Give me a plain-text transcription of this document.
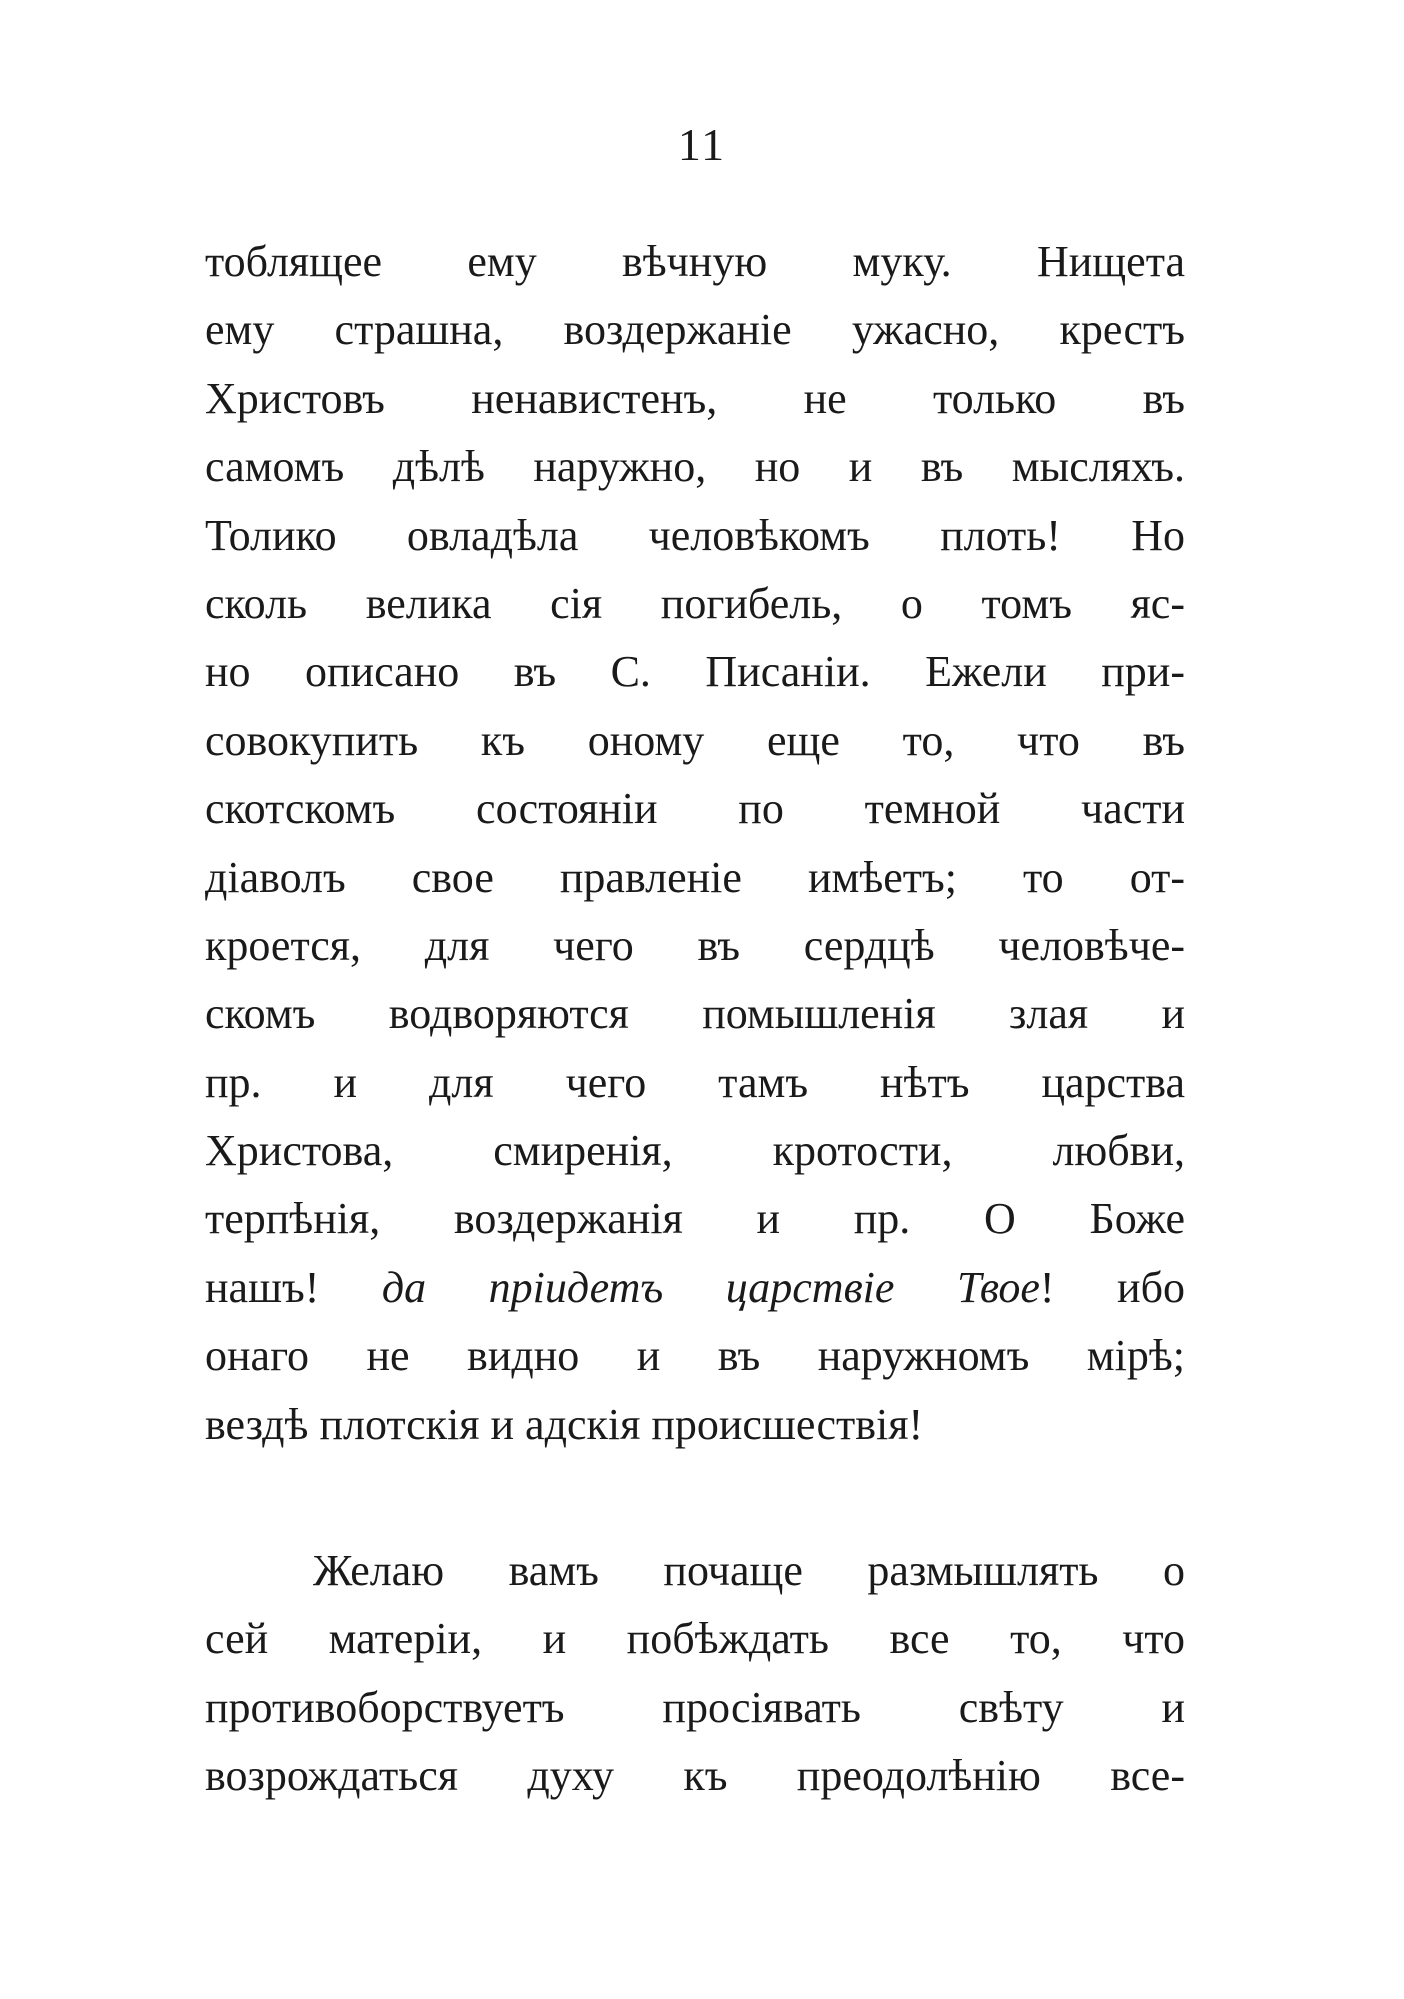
11
тоблящее ему вѣчную муку. Нищета
ему страшна, воздержаніе ужасно, крестъ
Христовъ ненавистенъ, не только въ
самомъ дѣлѣ наружно, но и въ мысляхъ.
Толико овладѣла человѣкомъ плоть! Но
сколь велика сія погибель, о томъ яс-
но описано въ С. Писаніи. Ежели при-
совокупить къ оному еще то, что въ
скотскомъ состояніи по темной части
діаволъ свое правленіе имѣетъ; то от-
кроется, для чего въ сердцѣ человѣче-
скомъ водворяются помышленія злая и
пр. и для чего тамъ нѣтъ царства
Христова, смиренія, кротости, любви,
терпѣнія, воздержанія и пр. О Боже
нашъ! да пріидетъ царствіе Твое! ибо
онаго не видно и въ наружномъ мірѣ;
вездѣ плотскія и адскія происшествія!
Желаю вамъ почаще размышлять о
сей матеріи, и побѣждать все то, что
противоборствуетъ просіявать свѣту и
возрождаться духу къ преодолѣнію все-
